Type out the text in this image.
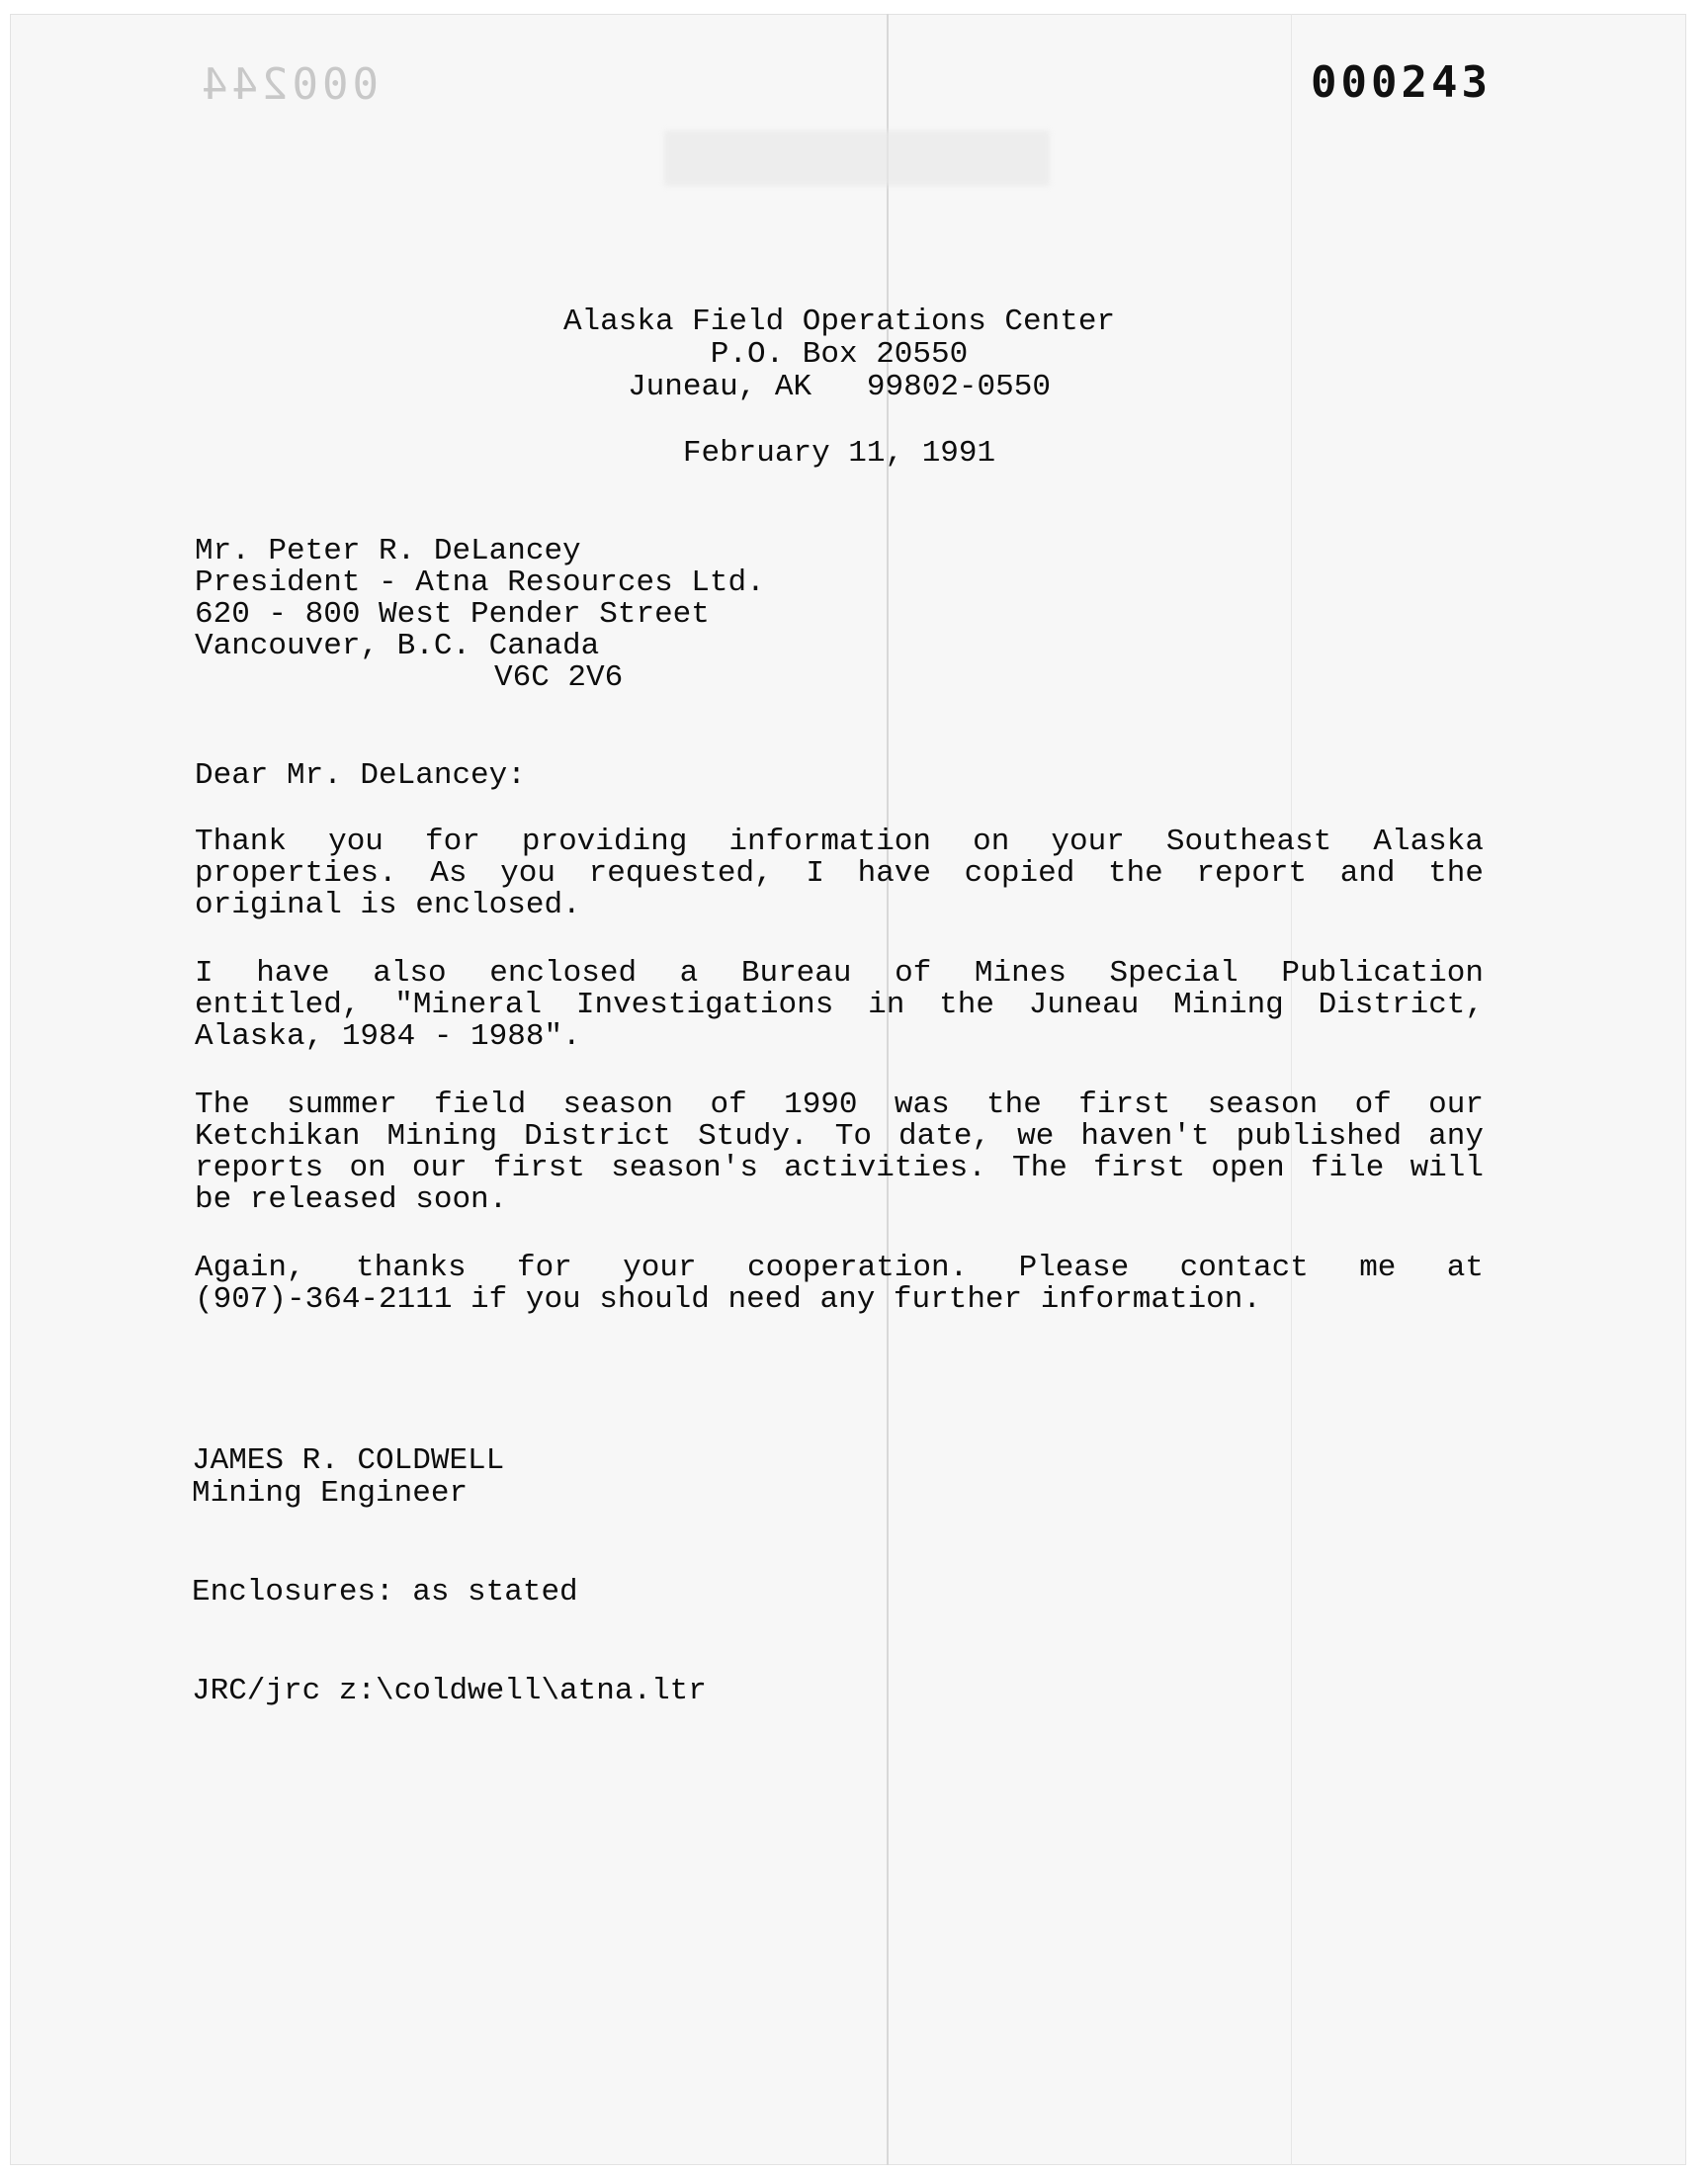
000244	000243
Alaska Field Operations Center
P.O. Box 20550
Juneau, AK   99802-0550
February 11, 1991
Mr. Peter R. DeLancey
President - Atna Resources Ltd.
620 - 800 West Pender Street
Vancouver, B.C. Canada
V6C 2V6
Dear Mr. DeLancey:
Thank you for providing information on your Southeast Alaska
properties. As you requested, I have copied the report and the
original is enclosed.
I have also enclosed a Bureau of Mines Special Publication
entitled, "Mineral Investigations in the Juneau Mining District,
Alaska, 1984 - 1988".
The summer field season of 1990 was the first season of our
Ketchikan Mining District Study. To date, we haven't published any
reports on our first season's activities. The first open file will
be released soon.
Again, thanks for your cooperation. Please contact me at
(907)-364-2111 if you should need any further information.
JAMES R. COLDWELL
Mining Engineer
Enclosures: as stated
JRC/jrc z:\coldwell\atna.ltr
